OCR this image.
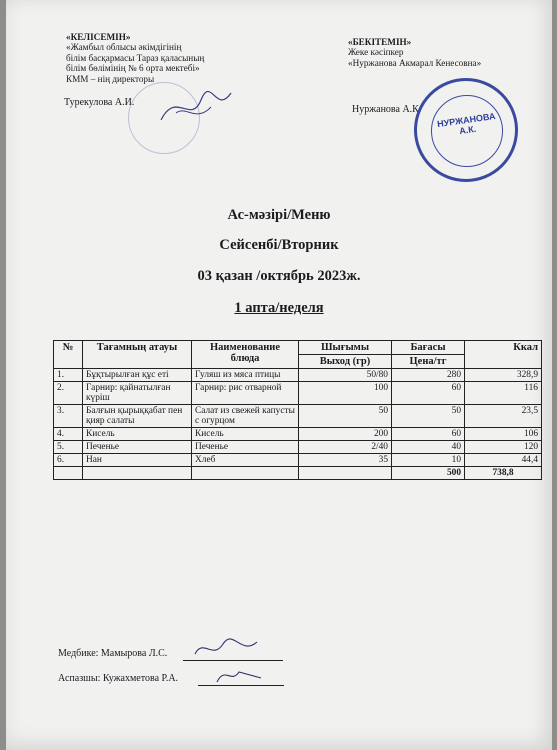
«КЕЛІСЕМІН»
«Жамбыл облысы әкімдігінің
білім басқармасы Тараз қаласының
білім бөлімінің № 6 орта мектебі»
КММ – нің директоры
Турекулова А.И.
«БЕКІТЕМІН»
Жеке кәсіпкер
«Нуржанова Акмарал Кенесовна»
Нуржанова А.К.
НУРЖАНОВА А.К.
Ас-мәзірі/Меню
Сейсенбі/Вторник
03 қазан /октябрь 2023ж.
1 апта/неделя
№	Тағамның атауы	Наименование блюда	Шығымы	Бағасы	Ккал
			Выход (гр)	Цена/тг	
1.	Бұқтырылған құс еті	Гуляш из мяса птицы	50/80	280	328,9
2.	Гарнир: қайнатылған күріш	Гарнир: рис отварной	100	60	116
3.	Балғын қырыққабат пен қияр салаты	Салат из свежей капусты с огурцом	50	50	23,5
4.	Кисель	Кисель	200	60	106
5.	Печенье	Печенье	2/40	40	120
6.	Нан	Хлеб	35	10	44,4
				500	738,8
Медбике: Мамырова Л.С.
Аспазшы: Кужахметова Р.А.
